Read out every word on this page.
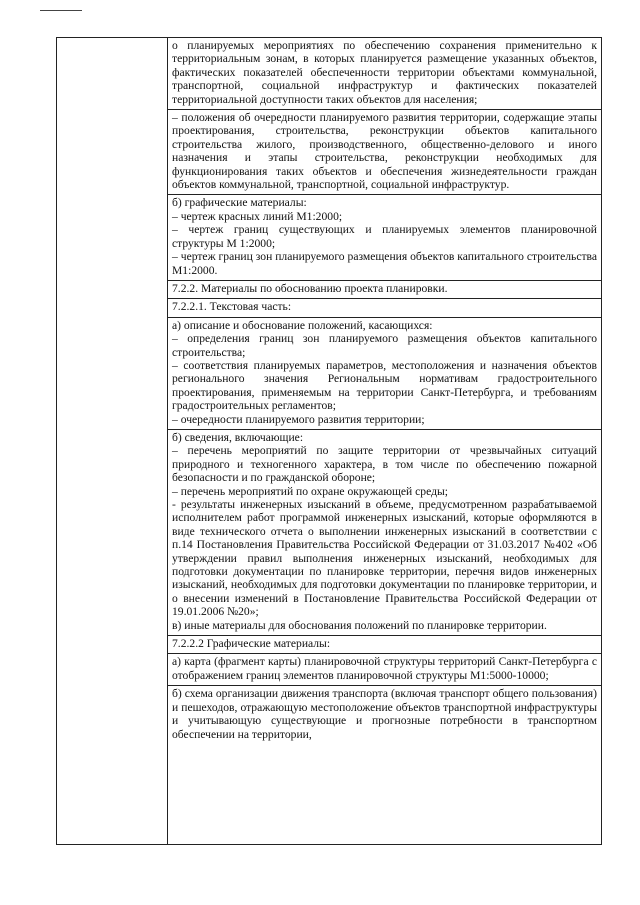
о планируемых мероприятиях по обеспечению сохранения применительно к территориальным зонам, в которых планируется размещение указанных объектов, фактических показателей обеспеченности территории объектами коммунальной, транспортной, социальной инфраструктур и фактических показателей территориальной доступности таких объектов для населения;

– положения об очередности планируемого развития территории, содержащие этапы проектирования, строительства, реконструкции объектов капитального строительства жилого, производственного, общественно-делового и иного назначения и этапы строительства, реконструкции необходимых для функционирования таких объектов и обеспечения жизнедеятельности граждан объектов коммунальной, транспортной, социальной инфраструктур.

б) графические материалы:

– чертеж красных линий М1:2000;

– чертеж границ существующих и планируемых элементов планировочной структуры М 1:2000;

– чертеж границ зон планируемого размещения объектов капитального строительства М1:2000.

7.2.2. Материалы по обоснованию проекта планировки.

7.2.2.1. Текстовая часть:

а) описание и обоснование положений, касающихся:

– определения границ зон планируемого размещения объектов капитального строительства;

– соответствия планируемых параметров, местоположения и назначения объектов регионального значения Региональным нормативам градостроительного проектирования, применяемым на территории Санкт-Петербурга, и требованиям градостроительных регламентов;

– очередности планируемого развития территории;

б) сведения, включающие:

– перечень мероприятий по защите территории от чрезвычайных ситуаций природного и техногенного характера, в том числе по обеспечению пожарной безопасности и по гражданской обороне;

– перечень мероприятий по охране окружающей среды;

- результаты инженерных изысканий в объеме, предусмотренном разрабатываемой исполнителем работ программой инженерных изысканий, которые оформляются в виде технического отчета о выполнении инженерных изысканий в соответствии с п.14 Постановления Правительства Российской Федерации от 31.03.2017 №402 «Об утверждении правил выполнения инженерных изысканий, необходимых для подготовки документации по планировке территории, перечня видов инженерных изысканий, необходимых для подготовки документации по планировке территории, и о внесении изменений в Постановление Правительства Российской Федерации от 19.01.2006 №20»;

в) иные материалы для обоснования положений по планировке территории.

7.2.2.2 Графические материалы:

а) карта (фрагмент карты) планировочной структуры территорий Санкт-Петербурга с отображением границ элементов планировочной структуры М1:5000-10000;

б) схема организации движения транспорта (включая транспорт общего пользования) и пешеходов, отражающую местоположение объектов транспортной инфраструктуры и учитывающую существующие и прогнозные потребности в транспортном обеспечении на территории,
